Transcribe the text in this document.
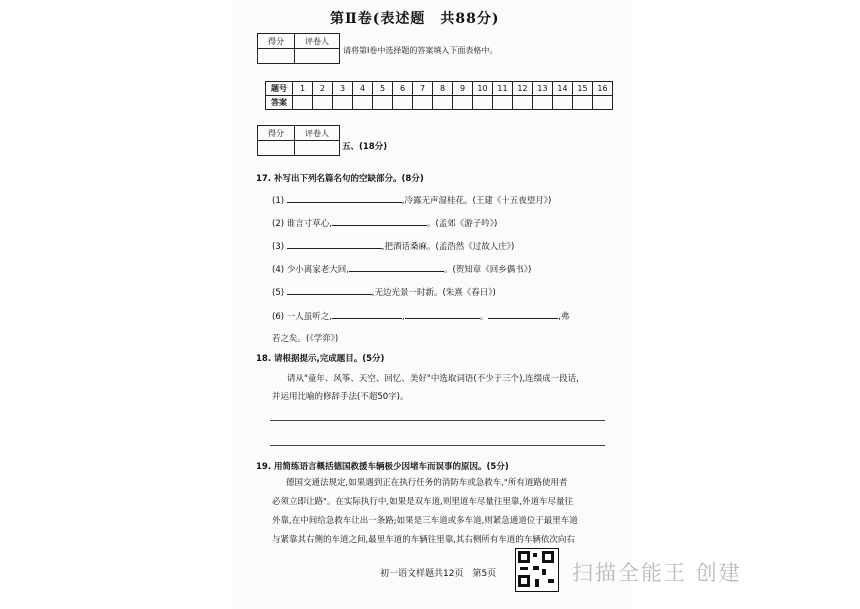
第Ⅱ卷(表述题　共88分)
得分	评卷人

请将第Ⅰ卷中选择题的答案填入下面表格中。
题号	1	2	3	4	5	6	7	8	9	10	11	12	13	14	15	16
答案																
得分	评卷人

五、(18分)
17. 补写出下列名篇名句的空缺部分。(8分)
(1)	,冷露无声湿桂花。(王建《十五夜望月》)
(2) 谁言寸草心,	。(孟郊《游子吟》)
(3)	,把酒话桑麻。(孟浩然《过故人庄》)
(4) 少小离家老大回,	。(贺知章《回乡偶书》)
(5)	,无边光景一时新。(朱熹《春日》)
(6) 一人虽听之,	,	。	,弗
若之矣。(《学弈》)
18. 请根据提示,完成题目。(5分)
请从"童年、风筝、天空、回忆、美好"中选取词语(不少于三个),连缀成一段话,
并运用比喻的修辞手法(不超50字)。
19. 用简练语言概括德国救援车辆极少因堵车而误事的原因。(5分)
德国交通法规定,如果遇到正在执行任务的消防车或急救车,"所有道路使用者
必须立即让路"。在实际执行中,如果是双车道,则里道车尽量往里靠,外道车尽量往
外靠,在中间给急救车让出一条路;如果是三车道或多车道,则紧急通道位于最里车道
与紧靠其右侧的车道之间,最里车道的车辆往里靠,其右侧所有车道的车辆依次向右
初一语文样题共12页　第5页	扫描全能王 创建
